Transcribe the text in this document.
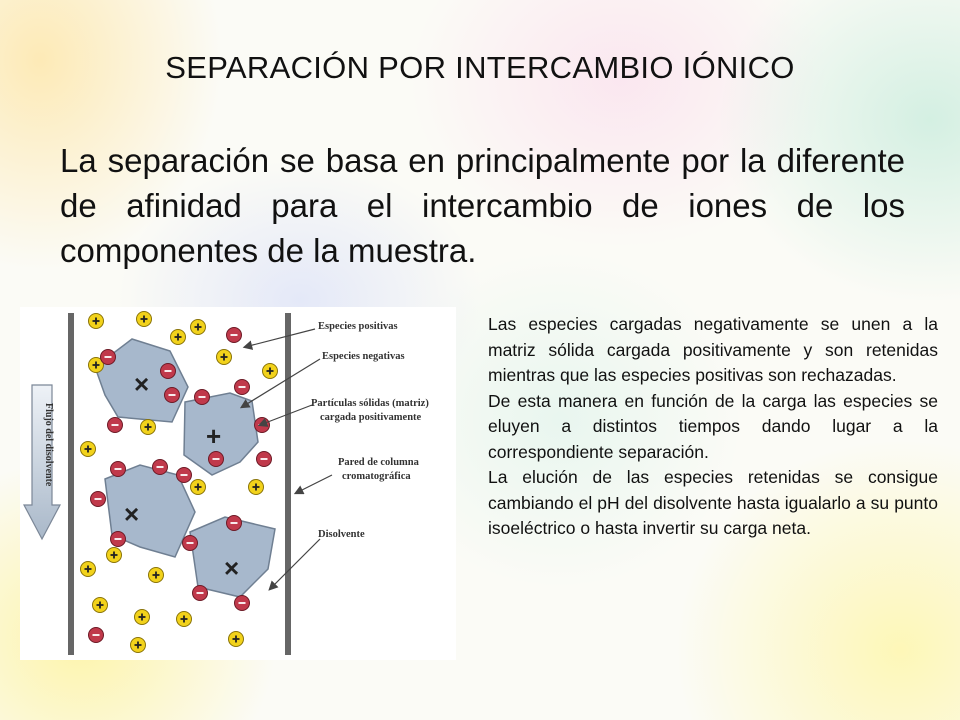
SEPARACIÓN POR INTERCAMBIO IÓNICO
La separación se basa en principalmente por la diferente de afinidad para el intercambio de iones de los componentes de la muestra.
Flujo del disolvente
×
+
×
×
Especies positivas
Especies negativas
Partículas sólidas (matriz)
cargada positivamente
Pared de columna
cromatográfica
Disolvente

Las especies cargadas negativamente se unen a la matriz sólida cargada positivamente y son retenidas mientras que las especies positivas son rechazadas.

De esta manera en función de la carga las especies se eluyen a distintos tiempos dando lugar a la correspondiente separación.

La elución de las especies retenidas se consigue cambiando el pH del disolvente hasta igualarlo a su punto isoeléctrico o hasta invertir su carga neta.
